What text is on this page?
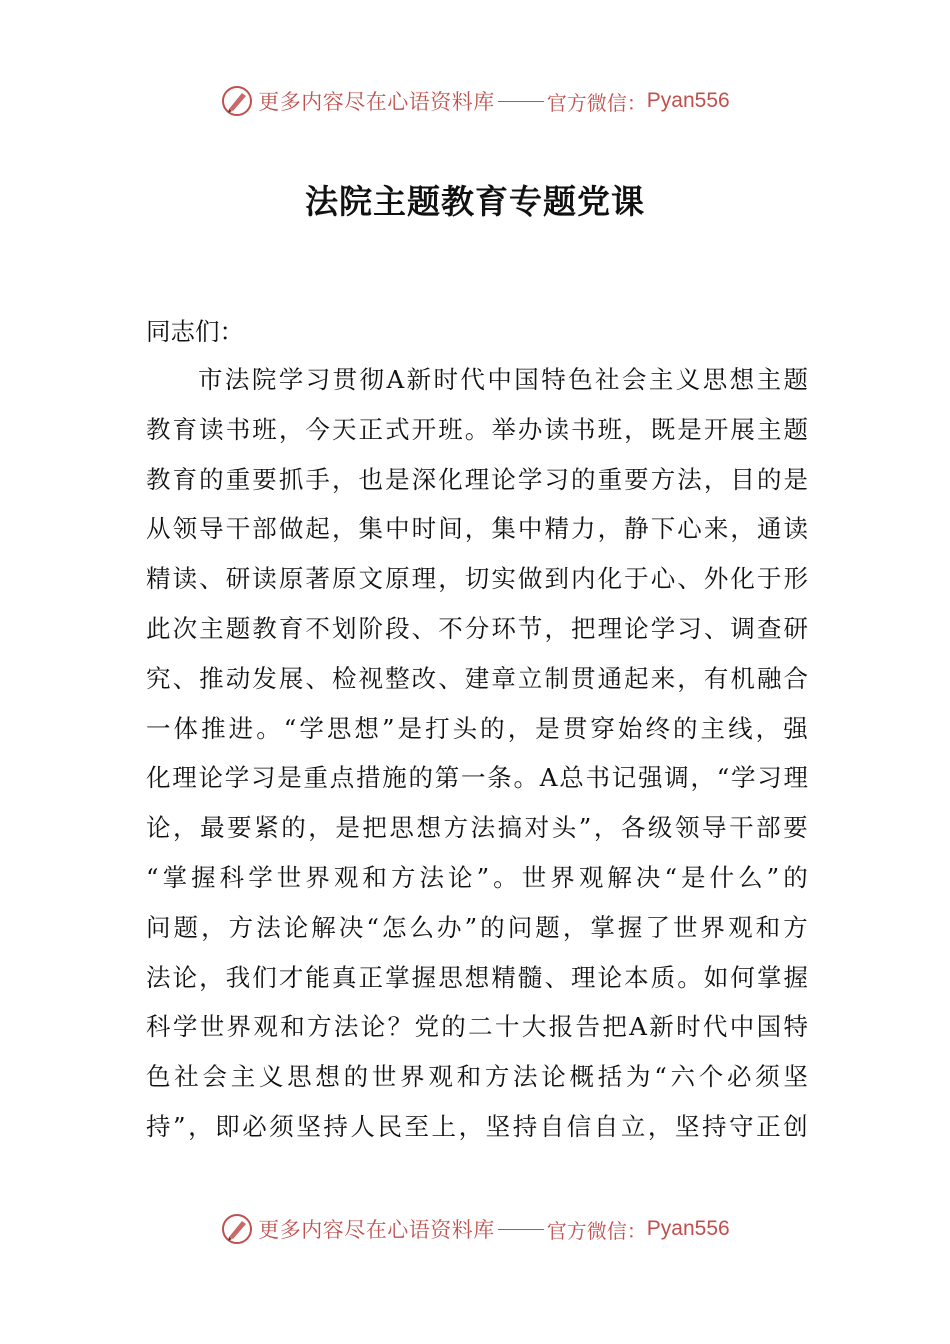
更多内容尽在心语资料库	官方微信： Pyan556
法院主题教育专题党课
同志们：
市 法 院 学 习 贯 彻 A 新 时 代 中 国 特 色 社 会 主 义 思 想 主 题
教 育 读 书 班 ， 今 天 正 式 开 班 。 举 办 读 书 班 ， 既 是 开 展 主 题
教 育 的 重 要 抓 手 ， 也 是 深 化 理 论 学 习 的 重 要 方 法 ， 目 的 是
从 领 导 干 部 做 起 ， 集 中 时 间 ， 集 中 精 力 ， 静 下 心 来 ， 通 读
精 读 、 研 读 原 著 原 文 原 理 ， 切 实 做 到 内 化 于 心 、 外 化 于 形
此 次 主 题 教 育 不 划 阶 段 、 不 分 环 节 ， 把 理 论 学 习 、 调 查 研
究 、 推 动 发 展 、 检 视 整 改 、 建 章 立 制 贯 通 起 来 ， 有 机 融 合
一 体 推 进 。 “ 学 思 想 ” 是 打 头 的 ， 是 贯 穿 始 终 的 主 线 ， 强
化 理 论 学 习 是 重 点 措 施 的 第 一 条 。 A 总 书 记 强 调 ， “ 学 习 理
论 ， 最 要 紧 的 ， 是 把 思 想 方 法 搞 对 头 ” ， 各 级 领 导 干 部 要
“ 掌 握 科 学 世 界 观 和 方 法 论 ” 。 世 界 观 解 决 “ 是 什 么 ” 的
问 题 ， 方 法 论 解 决 “ 怎 么 办 ” 的 问 题 ， 掌 握 了 世 界 观 和 方
法 论 ， 我 们 才 能 真 正 掌 握 思 想 精 髓 、 理 论 本 质 。 如 何 掌 握
科 学 世 界 观 和 方 法 论 ？ 党 的 二 十 大 报 告 把 A 新 时 代 中 国 特
色 社 会 主 义 思 想 的 世 界 观 和 方 法 论 概 括 为 “ 六 个 必 须 坚
持 ” ， 即 必 须 坚 持 人 民 至 上 ， 坚 持 自 信 自 立 ， 坚 持 守 正 创
更多内容尽在心语资料库	官方微信： Pyan556
